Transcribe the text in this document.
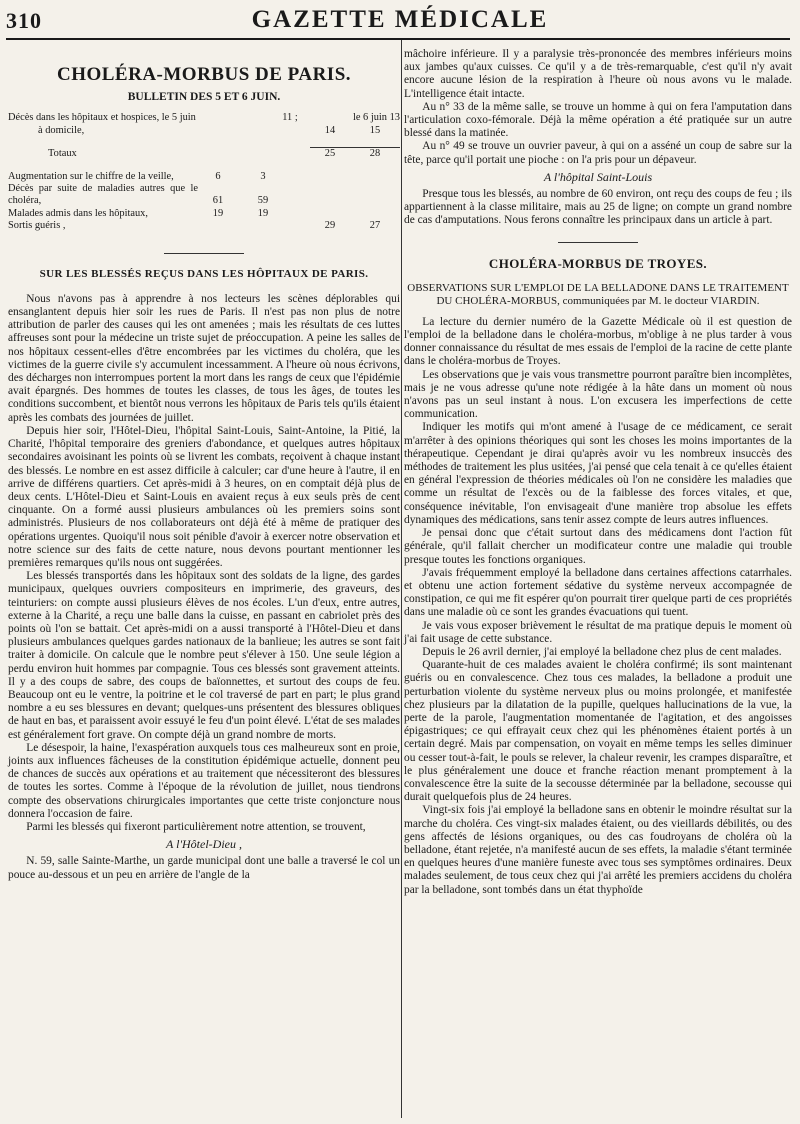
310	GAZETTE MÉDICALE
CHOLÉRA-MORBUS DE PARIS.
BULLETIN DES 5 ET 6 JUIN.
Décès dans les hôpitaux et hospices, le 5 juin	11 ;	le 6 juin 13
à domicile,	14	15
Totaux	25	28
Augmentation sur le chiffre de la veille,	6	3
Décès par suite de maladies autres que le choléra,	61	59
Malades admis dans les hôpitaux,	19	19
Sortis guéris ,	29	27
SUR LES BLESSÉS REÇUS DANS LES HÔPITAUX DE PARIS.

Nous n'avons pas à apprendre à nos lecteurs les scènes déplorables qui ensanglantent depuis hier soir les rues de Paris. Il n'est pas non plus de notre attribution de parler des causes qui les ont amenées ; mais les résultats de ces luttes affreuses sont pour la médecine un triste sujet de préoccupation. A peine les salles de nos hôpitaux cessent-elles d'être encombrées par les victimes du choléra, que les victimes de la guerre civile s'y accumulent incessamment. A l'heure où nous écrivons, des décharges non interrompues portent la mort dans les rangs de ceux que l'épidémie avait épargnés. Des hommes de toutes les classes, de tous les âges, de toutes les conditions succombent, et bientôt nous verrons les hôpitaux de Paris tels qu'ils étaient après les combats des journées de juillet.

Depuis hier soir, l'Hôtel-Dieu, l'hôpital Saint-Louis, Saint-Antoine, la Pitié, la Charité, l'hôpital temporaire des greniers d'abondance, et quelques autres hôpitaux secondaires avoisinant les points où se livrent les combats, reçoivent à chaque instant des blessés. Le nombre en est assez difficile à calculer; car d'une heure à l'autre, il en arrive de différens quartiers. Cet après-midi à 3 heures, on en comptait déjà plus de deux cents. L'Hôtel-Dieu et Saint-Louis en avaient reçus à eux seuls près de cent cinquante. On a formé aussi plusieurs ambulances où les premiers soins sont administrés. Plusieurs de nos collaborateurs ont déjà été à même de pratiquer des opérations urgentes. Quoiqu'il nous soit pénible d'avoir à exercer notre observation et notre science sur des faits de cette nature, nous devons pourtant mentionner les premières remarques qu'ils nous ont suggérées.

Les blessés transportés dans les hôpitaux sont des soldats de la ligne, des gardes municipaux, quelques ouvriers compositeurs en imprimerie, des graveurs, des teinturiers: on compte aussi plusieurs élèves de nos écoles. L'un d'eux, entre autres, externe à la Charité, a reçu une balle dans la cuisse, en passant en cabriolet près des points où l'on se battait. Cet après-midi on a aussi transporté à l'Hôtel-Dieu et dans plusieurs ambulances quelques gardes nationaux de la banlieue; les autres se sont fait traiter à domicile. On calcule que le nombre peut s'élever à 150. Une seule légion a perdu environ huit hommes par compagnie. Tous ces blessés sont gravement atteints. Il y a des coups de sabre, des coups de baïonnettes, et surtout des coups de feu. Beaucoup ont eu le ventre, la poitrine et le col traversé de part en part; le plus grand nombre a eu ses blessures en devant; quelques-uns présentent des blessures obliques de haut en bas, et paraissent avoir essuyé le feu d'un point élevé. L'état de ses malades est généralement fort grave. On compte déjà un grand nombre de morts.

Le désespoir, la haine, l'exaspération auxquels tous ces malheureux sont en proie, joints aux influences fâcheuses de la constitution épidémique actuelle, donnent peu de chances de succès aux opérations et au traitement que nécessiteront des blessures de toutes les sortes. Comme à l'époque de la révolution de juillet, nous tiendrons compte des observations chirurgicales importantes que cette triste conjoncture nous donnera l'occasion de faire.

Parmi les blessés qui fixeront particulièrement notre attention, se trouvent,

A l'Hôtel-Dieu ,

N. 59, salle Sainte-Marthe, un garde municipal dont une balle a traversé le col un pouce au-dessous et un peu en arrière de l'angle de la

mâchoire inférieure. Il y a paralysie très-prononcée des membres inférieurs moins aux jambes qu'aux cuisses. Ce qu'il y a de très-remarquable, c'est qu'il n'y avait encore aucune lésion de la respiration à l'heure où nous avons vu le malade. L'intelligence était intacte.

Au n° 33 de la même salle, se trouve un homme à qui on fera l'amputation dans l'articulation coxo-fémorale. Déjà la même opération a été pratiquée sur un autre blessé dans la matinée.

Au n° 49 se trouve un ouvrier paveur, à qui on a asséné un coup de sabre sur la tête, parce qu'il portait une pioche : on l'a pris pour un dépaveur.

A l'hôpital Saint-Louis

Presque tous les blessés, au nombre de 60 environ, ont reçu des coups de feu ; ils appartiennent à la classe militaire, mais au 25 de ligne; on compte un grand nombre de cas d'amputations. Nous ferons connaître les principaux dans un article à part.

CHOLÉRA-MORBUS DE TROYES.
OBSERVATIONS SUR L'EMPLOI DE LA BELLADONE DANS LE TRAITEMENT DU CHOLÉRA-MORBUS, communiquées par M. le docteur VIARDIN.

La lecture du dernier numéro de la Gazette Médicale où il est question de l'emploi de la belladone dans le choléra-morbus, m'oblige à ne plus tarder à vous donner connaissance du résultat de mes essais de l'emploi de la racine de cette plante dans le choléra-morbus de Troyes.

Les observations que je vais vous transmettre pourront paraître bien incomplètes, mais je ne vous adresse qu'une note rédigée à la hâte dans un moment où nous n'avons pas un seul instant à nous. L'on excusera les imperfections de cette communication.

Indiquer les motifs qui m'ont amené à l'usage de ce médicament, ce serait m'arrêter à des opinions théoriques qui sont les choses les moins importantes de la thérapeutique. Cependant je dirai qu'après avoir vu les nombreux insuccès des méthodes de traitement les plus usitées, j'ai pensé que cela tenait à ce qu'elles étaient en général l'expression de théories médicales où l'on ne considère les maladies que comme un résultat de l'excès ou de la faiblesse des forces vitales, et que, conséquence inévitable, l'on envisageait d'une manière trop absolue les effets dynamiques des médications, sans tenir assez compte de leurs autres influences.

Je pensai donc que c'était surtout dans des médicamens dont l'action fût générale, qu'il fallait chercher un modificateur contre une maladie qui trouble presque toutes les fonctions organiques.

J'avais fréquemment employé la belladone dans certaines affections catarrhales. et obtenu une action fortement sédative du système nerveux accompagnée de constipation, ce qui me fit espérer qu'on pourrait tirer quelque parti de ces propriétés dans une maladie où ce sont les grandes évacuations qui tuent.

Je vais vous exposer brièvement le résultat de ma pratique depuis le moment où j'ai fait usage de cette substance.

Depuis le 26 avril dernier, j'ai employé la belladone chez plus de cent malades.

Quarante-huit de ces malades avaient le choléra confirmé; ils sont maintenant guéris ou en convalescence. Chez tous ces malades, la belladone a produit une perturbation violente du système nerveux plus ou moins prolongée, et manifestée chez plusieurs par la dilatation de la pupille, quelques hallucinations de la vue, la perte de la parole, l'augmentation momentanée de l'agitation, et des angoisses épigastriques; ce qui effrayait ceux chez qui les phénomènes étaient portés à un certain degré. Mais par compensation, on voyait en même temps les selles diminuer ou cesser tout-à-fait, le pouls se relever, la chaleur revenir, les crampes disparaître, et le plus généralement une douce et franche réaction menant promptement à la convalescence être la suite de la secousse déterminée par la belladone, secousse qui durait quelquefois plus de 24 heures.

Vingt-six fois j'ai employé la belladone sans en obtenir le moindre résultat sur la marche du choléra. Ces vingt-six malades étaient, ou des vieillards débilités, ou des gens affectés de lésions organiques, ou des cas foudroyans de choléra où la belladone, étant rejetée, n'a manifesté aucun de ses effets, la maladie s'étant terminée en quelques heures d'une manière funeste avec tous ses symptômes ordinaires. Deux malades seulement, de tous ceux chez qui j'ai arrêté les premiers accidens du choléra par la belladone, sont tombés dans un état thyphoïde
